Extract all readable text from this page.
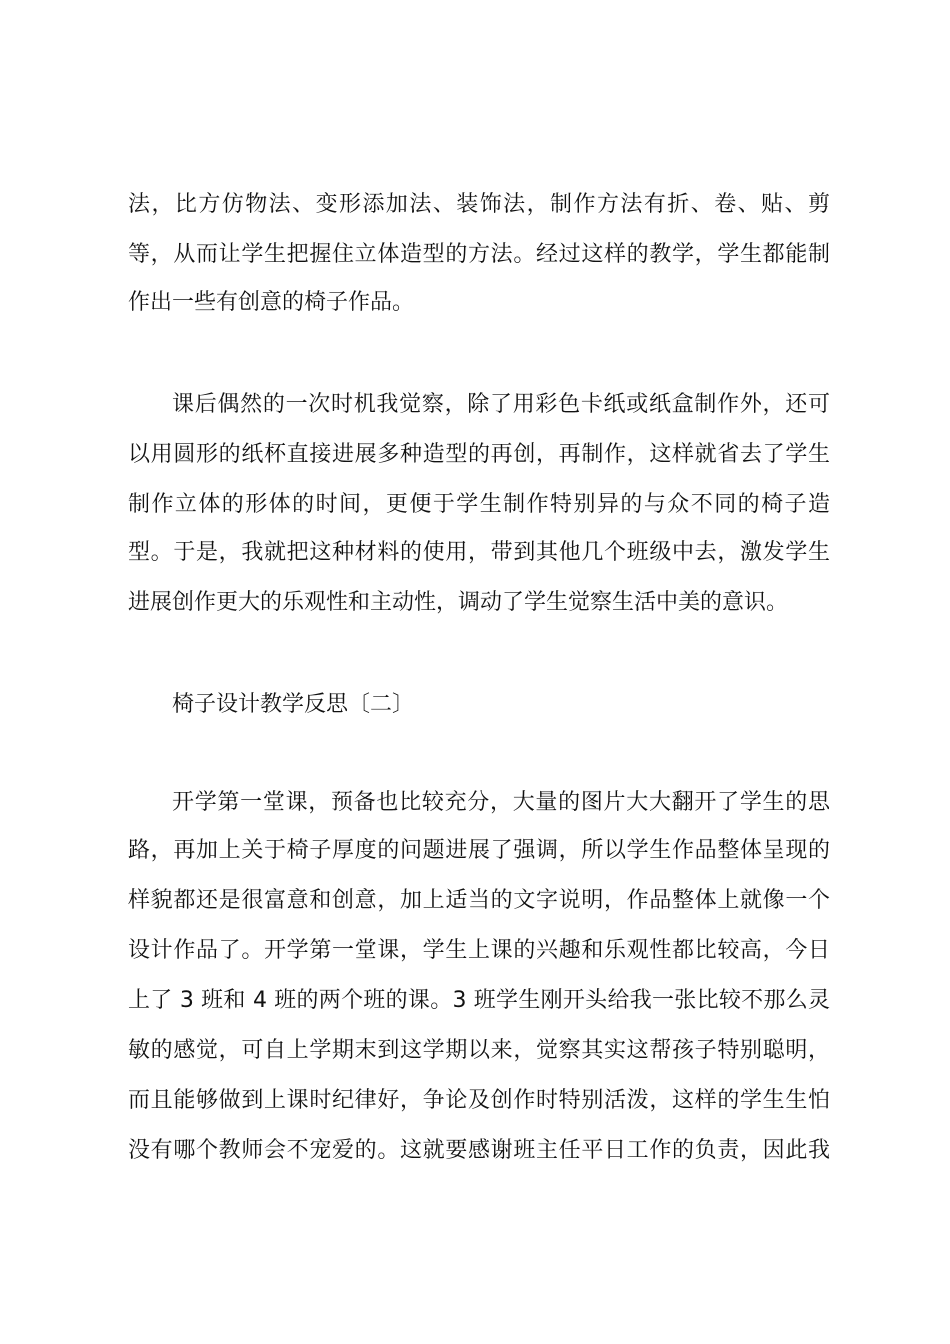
法，比方仿物法、变形添加法、装饰法，制作方法有折、卷、贴、剪
等，从而让学生把握住立体造型的方法。经过这样的教学，学生都能制
作出一些有创意的椅子作品。
课后偶然的一次时机我觉察，除了用彩色卡纸或纸盒制作外，还可
以用圆形的纸杯直接进展多种造型的再创，再制作，这样就省去了学生
制作立体的形体的时间，更便于学生制作特别异的与众不同的椅子造
型。于是，我就把这种材料的使用，带到其他几个班级中去，激发学生
进展创作更大的乐观性和主动性，调动了学生觉察生活中美的意识。
椅子设计教学反思〔二〕
开学第一堂课，预备也比较充分，大量的图片大大翻开了学生的思
路，再加上关于椅子厚度的问题进展了强调，所以学生作品整体呈现的
样貌都还是很富意和创意，加上适当的文字说明，作品整体上就像一个
设计作品了。开学第一堂课，学生上课的兴趣和乐观性都比较高，今日
上了 3 班和 4 班的两个班的课。3 班学生刚开头给我一张比较不那么灵
敏的感觉，可自上学期末到这学期以来，觉察其实这帮孩子特别聪明，
而且能够做到上课时纪律好，争论及创作时特别活泼，这样的学生生怕
没有哪个教师会不宠爱的。这就要感谢班主任平日工作的负责，因此我
